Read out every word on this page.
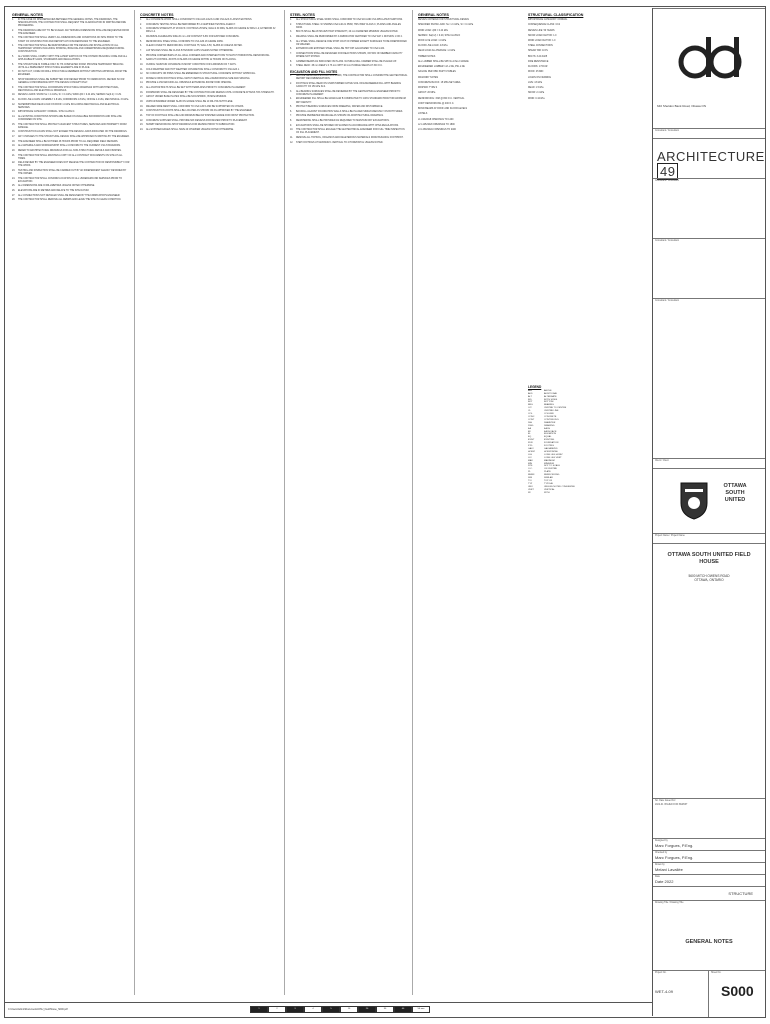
GENERAL NOTES
1.	IN THE CASE OF DISCREPANCIES BETWEEN THE GENERAL NOTES, THE DRAWINGS, THE SPECIFICATIONS, THE CONTRACTOR SHALL REQUEST THE CLARIFICATION IN WRITING BEFORE PROCEEDING.
2.	THE DRAWINGS ARE NOT TO BE SCALED. ANY MISSING DIMENSIONS SHALL BE REQUESTED FROM THE ENGINEER.
3.	THE CONTRACTOR SHALL VERIFY ALL DIMENSIONS AND CONDITIONS ON SITE PRIOR TO THE START OF CONSTRUCTION AND REPORT ANY DISCREPANCIES TO THE ENGINEER.
4.	THE CONTRACTOR SHALL BE RESPONSIBLE FOR THE DESIGN AND INSTALLATION OF ALL TEMPORARY WORKS INCLUDING SHORING, BRACING AND UNDERPINNING REQUIRED DURING CONSTRUCTION.
5.	ALL WORK SHALL COMPLY WITH THE LATEST EDITION OF THE ONTARIO BUILDING CODE AND ALL APPLICABLE BYLAWS, STANDARDS AND REGULATIONS.
6.	THE STRUCTURE IS STABLE ONLY IN ITS COMPLETED FORM. PROVIDE TEMPORARY BRACING UNTIL ALL PERMANENT STRUCTURAL ELEMENTS ARE IN PLACE.
7.	DO NOT CUT, CORE OR DRILL STRUCTURAL MEMBERS WITHOUT WRITTEN APPROVAL FROM THE ENGINEER.
8.	SHOP DRAWINGS SHALL BE SUBMITTED FOR REVIEW PRIOR TO FABRICATION. REVIEW IS FOR GENERAL CONFORMANCE WITH THE DESIGN CONCEPT ONLY.
9.	THE CONTRACTOR SHALL COORDINATE STRUCTURAL DRAWINGS WITH ARCHITECTURAL, MECHANICAL AND ELECTRICAL DRAWINGS.
10.	DESIGN LOADS: SNOW Ss = 2.4 kPa, Sr = 0.4 kPa; WIND q50 = 0.44 kPa; SEISMIC Sa(0.2) = 0.29.
11.	FLOOR LIVE LOADS: ASSEMBLY 4.8 kPa; CORRIDORS 4.8 kPa; OFFICE 2.4 kPa; MECHANICAL 3.6 kPa.
12.	SUPERIMPOSED DEAD LOAD ON ROOF 1.0 kPa INCLUDING MECHANICAL AND ELECTRICAL SERVICES.
13.	IMPORTANCE CATEGORY: NORMAL. SITE CLASS D.
14.	ALL EXISTING CONDITIONS SHOWN ARE BASED ON AVAILABLE INFORMATION AND SHALL BE CONFIRMED ON SITE.
15.	THE CONTRACTOR SHALL PROTECT ADJACENT STRUCTURES, SERVICES AND PROPERTY FROM DAMAGE.
16.	CONSTRUCTION LOADS SHALL NOT EXCEED THE DESIGN LOADS INDICATED ON THE DRAWINGS.
17.	ANY CHANGES TO THE STRUCTURAL DESIGN SHALL BE APPROVED IN WRITING BY THE ENGINEER.
18.	THE ENGINEER SHALL BE NOTIFIED 48 HOURS PRIOR TO ALL REQUIRED FIELD REVIEWS.
19.	ALL MATERIALS AND WORKMANSHIP SHALL CONFORM TO THE CURRENT CSA STANDARDS.
20.	REFER TO ARCHITECTURAL DRAWINGS FOR ALL NON-STRUCTURAL DETAILS AND FINISHES.
21.	THE CONTRACTOR SHALL MAINTAIN A COPY OF ALL CONTRACT DOCUMENTS ON SITE AT ALL TIMES.
22.	FIELD REVIEW BY THE ENGINEER DOES NOT RELIEVE THE CONTRACTOR OF RESPONSIBILITY FOR THE WORK.
23.	TESTING AND INSPECTION SHALL BE CARRIED OUT BY AN INDEPENDENT AGENCY RETAINED BY THE OWNER.
24.	THE CONTRACTOR SHALL CONFIRM LOCATION OF ALL UNDERGROUND SERVICES PRIOR TO EXCAVATION.
25.	ALL DIMENSIONS ARE IN MILLIMETRES UNLESS NOTED OTHERWISE.
26.	ELEVATIONS ARE IN METRES AND RELATE TO THE SITE DATUM.
27.	ALL CONNECTIONS NOT DETAILED SHALL BE DESIGNED BY THE FABRICATOR'S ENGINEER.
28.	THE CONTRACTOR SHALL REMOVE ALL DEBRIS AND LEAVE THE SITE IN CLEAN CONDITION.
CONCRETE NOTES
1.	ALL CONCRETE WORK SHALL CONFORM TO CSA A23.1/A23.2 AND CSA A23.3 LATEST EDITIONS.
2.	CONCRETE TESTING SHALL BE PERFORMED BY A CERTIFIED TESTING AGENCY.
3.	CONCRETE STRENGTH AT 28 DAYS: FOOTINGS 25 MPa; WALLS 30 MPa; SLABS ON GRADE 32 MPa C-2; EXTERIOR 32 MPa C-2.
4.	MAXIMUM AGGREGATE SIZE 20 mm. AIR CONTENT 5-8% FOR EXPOSED CONCRETE.
5.	REINFORCING STEEL SHALL CONFORM TO CSA G30.18 GRADE 400W.
6.	CLEAR COVER TO REINFORCING: FOOTINGS 75; WALLS 50; SLABS 40 UNLESS NOTED.
7.	LAP SPLICES SHALL BE CLASS B TENSION LAPS UNLESS NOTED OTHERWISE.
8.	PROVIDE CORNER BARS AT ALL WALL CORNERS AND INTERSECTIONS TO MATCH HORIZONTAL REINFORCING.
9.	SAWCUT CONTROL JOINTS IN SLABS ON GRADE WITHIN 12 HOURS OF PLACING.
10.	CURING: MAINTAIN CONCRETE IN MOIST CONDITION FOR A MINIMUM OF 7 DAYS.
11.	COLD WEATHER AND HOT WEATHER CONCRETING SHALL CONFORM TO CSA A23.1.
12.	NO CONDUITS OR PIPES SHALL BE EMBEDDED IN STRUCTURAL CONCRETE WITHOUT APPROVAL.
13.	DOWELS FROM FOOTINGS SHALL MATCH VERTICAL WALL REINFORCING SIZE AND SPACING.
14.	PROVIDE 2-15M AROUND ALL OPENINGS EXTENDING 600 BEYOND OPENING.
15.	ALL ANCHOR BOLTS SHALL BE SET WITH TEMPLATES PRIOR TO CONCRETE PLACEMENT.
16.	FORMWORK SHALL BE DESIGNED BY THE CONTRACTOR AND REMAIN UNTIL CONCRETE ATTAINS 70% STRENGTH.
17.	GROUT UNDER BASE PLATES SHALL BE NON-SHRINK, 35 MPa MINIMUM.
18.	VAPOUR BARRIER UNDER SLAB ON GRADE SHALL BE 10 MIL POLYETHYLENE.
19.	WELDED WIRE MESH SHALL CONFORM TO CSA G30.5 AND BE SUPPORTED ON CHAIRS.
20.	CONSTRUCTION JOINTS SHALL BE LOCATED AS SHOWN OR AS APPROVED BY THE ENGINEER.
21.	TOP OF FOOTINGS SHALL BE 1200 MINIMUM BELOW FINISHED GRADE FOR FROST PROTECTION.
22.	CONCRETE SUPPLIER SHALL PROVIDE MIX DESIGNS FOR REVIEW PRIOR TO PLACEMENT.
23.	SUBMIT REINFORCING SHOP DRAWINGS FOR REVIEW PRIOR TO FABRICATION.
24.	ALL EXPOSED EDGES SHALL HAVE 20 CHAMFER UNLESS NOTED OTHERWISE.
STEEL NOTES
1.	ALL STRUCTURAL STEEL WORK SHALL CONFORM TO CSA S16 AND CSA W59 LATEST EDITIONS.
2.	STRUCTURAL STEEL: W SHAPES CSA G40.21 350W; HSS 350W CLASS C; PLATES AND ANGLES 300W.
3.	BOLTS SHALL BE ASTM A325 HIGH STRENGTH, 20 mm DIAMETER MINIMUM UNLESS NOTED.
4.	WELDING SHALL BE PERFORMED BY A FABRICATOR CERTIFIED TO CSA W47.1 DIVISION 1 OR 2.
5.	ALL STEEL SHALL RECEIVE ONE SHOP COAT OF PRIMER EXCEPT SURFACES TO BE FIREPROOFED OR WELDED.
6.	EXTERIOR AND EXPOSED STEEL SHALL BE HOT DIP GALVANIZED TO CSA G164.
7.	CONNECTIONS SHALL BE DESIGNED FOR REACTIONS SHOWN, OR 50% OF MEMBER CAPACITY WHERE NOT SHOWN.
8.	CAMBER BEAMS AS INDICATED ON PLANS. NATURAL MILL CAMBER SHALL BE PLACED UP.
9.	STEEL DECK: 38 mm DEEP x 0.76 mm WITH 20 mm PUDDLE WELDS AT 300 O.C.
EXCAVATION AND FILL NOTES
1.	BEFORE BEGINNING EXCAVATION WORK, THE CONTRACTOR SHALL CONFIRM THE GEOTECHNICAL REPORT RECOMMENDATIONS.
2.	FOOTINGS SHALL BEAR ON UNDISTURBED NATIVE SOIL OR ENGINEERED FILL WITH BEARING CAPACITY OF 150 kPa SLS.
3.	ALL BEARING SURFACES SHALL BE REVIEWED BY THE GEOTECHNICAL ENGINEER PRIOR TO CONCRETE PLACEMENT.
4.	ENGINEERED FILL SHALL BE GRANULAR B COMPACTED TO 100% STANDARD PROCTOR MAXIMUM DRY DENSITY.
5.	PROTECT BEARING SURFACES FROM FREEZING, WATER AND DISTURBANCE.
6.	BACKFILL AGAINST FOUNDATION WALLS SHALL BE PLACED SIMULTANEOUSLY ON BOTH SIDES.
7.	PROVIDE PERIMETER DRAINAGE AS SHOWN ON ARCHITECTURAL DRAWINGS.
8.	DEWATERING SHALL BE PROVIDED AS REQUIRED TO MAINTAIN DRY EXCAVATIONS.
9.	EXCAVATIONS SHALL BE SHORED OR SLOPED IN ACCORDANCE WITH OHSA REGULATIONS.
10.	THE CONTRACTOR SHALL ENGAGE THE GEOTECHNICAL ENGINEER FOR FULL TIME INSPECTION OF FILL PLACEMENT.
11.	REMOVE ALL TOPSOIL, ORGANICS AND DELETERIOUS MATERIALS FROM BUILDING FOOTPRINT.
12.	STEP FOOTINGS AT MAXIMUM 1 VERTICAL TO 2 HORIZONTAL UNLESS NOTED.
GENERAL NOTES
DESIGN CRITERIA FOR STRUCTURAL DESIGN
SPECIFIED SNOW LOAD: Ss = 2.4 kPa, Sr = 0.4 kPa
WIND LOAD: q50 = 0.44 kPa
SEISMIC: Sa(0.2) = 0.29, SITE CLASS D
ROOF LIVE LOAD: 1.0 kPa
FLOOR LIVE LOAD: 4.8 kPa
DEAD LOAD ALLOWANCE: 1.0 kPa
TIMBER NOTES
ALL LUMBER SHALL BE SPF No.1/No.2 GRADE
ENGINEERED LUMBER: LVL 2.0E, PSL 2.0E
NAILING PER OBC PART 9 TABLES
MASONRY NOTES
CONCRETE BLOCK: 15 MPa NET AREA
MORTAR: TYPE S
GROUT: 20 MPa
REINFORCING: 15M @ 800 O.C. VERTICAL
JOINT REINFORCING @ 400 O.C.
BOND BEAMS AT ROOF AND FLOOR LEVELS
LINTELS
L1 L90x90x8 OPENINGS TO 1200
L2 L125x90x8 OPENINGS TO 1800
L3 L150x90x10 OPENINGS TO 2400
STRUCTURAL CLASSIFICATION
IMPORTANCE CATEGORY: NORMAL
CONSEQUENCE CLASS: CC2
DESIGN LIFE: 50 YEARS
SNOW LOAD FACTOR: 1.0
WIND LOAD FACTOR: 1.0
STEEL CONNECTIONS
SHEAR TAB: 10 PL
BOLTS: 3-20 A325
FIRE RESISTANCE
FLOORS: 1 HOUR
ROOF: 45 MIN
LOADS ON FRAMING
LIVE: 4.8 kPa
DEAD: 1.5 kPa
SNOW: 2.4 kPa
WIND: 0.44 kPa
LEGEND
ABV	ABOVE
ADD	ADDITIONAL
ALT	ALTERNATE
B/S	BOTH SIDES
BOT	BOTTOM
BRG	BEARING
C/C	CENTRE TO CENTRE
CL	CENTRE LINE
COL	COLUMN
CONC	CONCRETE
CONT	CONTINUOUS
DIA	DIAMETER
DWG	DRAWING
EA	EACH
EF	EACH FACE
EL	ELEVATION
EQ	EQUAL
EXIST	EXISTING
FDN	FOUNDATION
FTG	FOOTING
GALV	GALVANIZED
HORIZ	HORIZONTAL
LLH	LONG LEG HORIZ
LLV	LONG LEG VERT
MAX	MAXIMUM
MIN	MINIMUM
NTS	NOT TO SCALE
O.C.	ON CENTRE
PL	PLATE
REINF	REINFORCING
SIM	SIMILAR
T/O	TOP OF
TYP	TYPICAL
UNO	UNLESS NOTED OTHERWISE
VERT	VERTICAL
W/	WITH
640 Sheldon Bank Road, Ottawa ON
Consultant / Consultant
ARCHITECTURE 49
Consultant / Consultant
Consultant / Consultant
Consultant / Consultant
Client / Client
OTTAWA
SOUTH
UNITED
Project Name / Project Name
OTTAWA SOUTH UNITED FIELD HOUSE
5600 MITCH OWENS ROAD
OTTAWA, ONTARIO
No. Date Issued For
2022-01 ISSUED FOR PERMIT
Designed by
Marc Forgues, P.Eng.
Checked by
Marc Forgues, P.Eng.
Drawn by
Melani Lavallée
Date
Date 2022
STRUCTURE
Drawing Title / Drawing Title
GENERAL NOTES
Project No.
WET-4-09
Sheet No.
S000
C:\Users\Admin\Documents\OSU_FieldHouse_S000.pdf	1	2	3	4	5	10	20	30	40	50 mm
